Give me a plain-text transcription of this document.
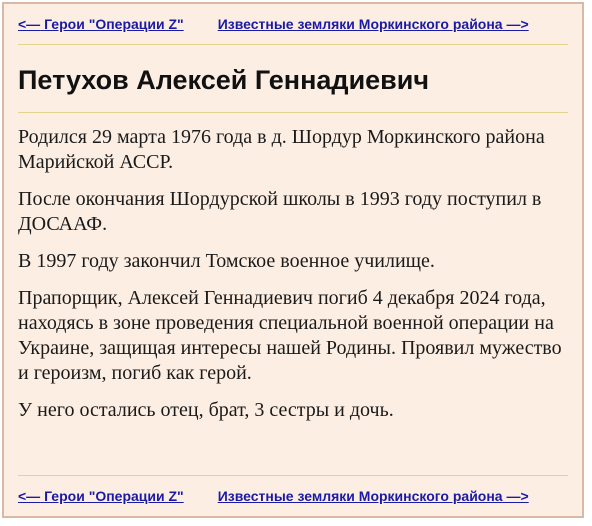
<— Герои "Операции Z" Известные земляки Моркинского района —>
Петухов Алексей Геннадиевич

Родился 29 марта 1976 года в д. Шордур Моркинского района Марийской АССР.

После окончания Шордурской школы в 1993 году поступил в ДОСААФ.

В 1997 году закончил Томское военное училище.

Прапорщик, Алексей Геннадиевич погиб 4 декабря 2024 года, находясь в зоне проведения специальной военной операции на Украине, защищая интересы нашей Родины. Проявил мужество и героизм, погиб как герой.

У него остались отец, брат, 3 сестры и дочь.

<— Герои "Операции Z" Известные земляки Моркинского района —>
